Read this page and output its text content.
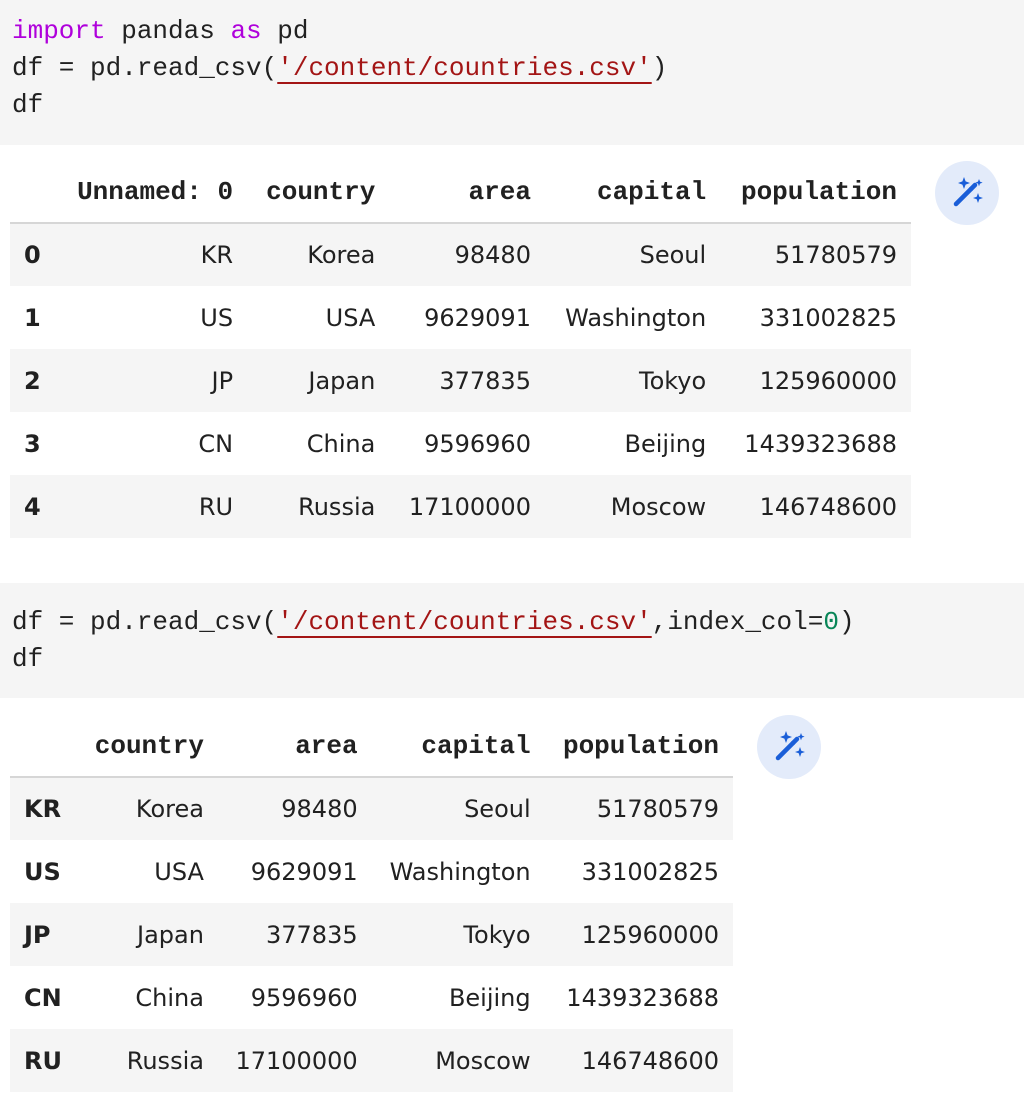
import pandas as pd
df = pd.read_csv('/content/countries.csv')
df
	Unnamed: 0	country	area	capital	population
0	KR	Korea	98480	Seoul	51780579
1	US	USA	9629091	Washington	331002825
2	JP	Japan	377835	Tokyo	125960000
3	CN	China	9596960	Beijing	1439323688
4	RU	Russia	17100000	Moscow	146748600
df = pd.read_csv('/content/countries.csv',index_col=0)
df
	country	area	capital	population
KR	Korea	98480	Seoul	51780579
US	USA	9629091	Washington	331002825
JP	Japan	377835	Tokyo	125960000
CN	China	9596960	Beijing	1439323688
RU	Russia	17100000	Moscow	146748600
